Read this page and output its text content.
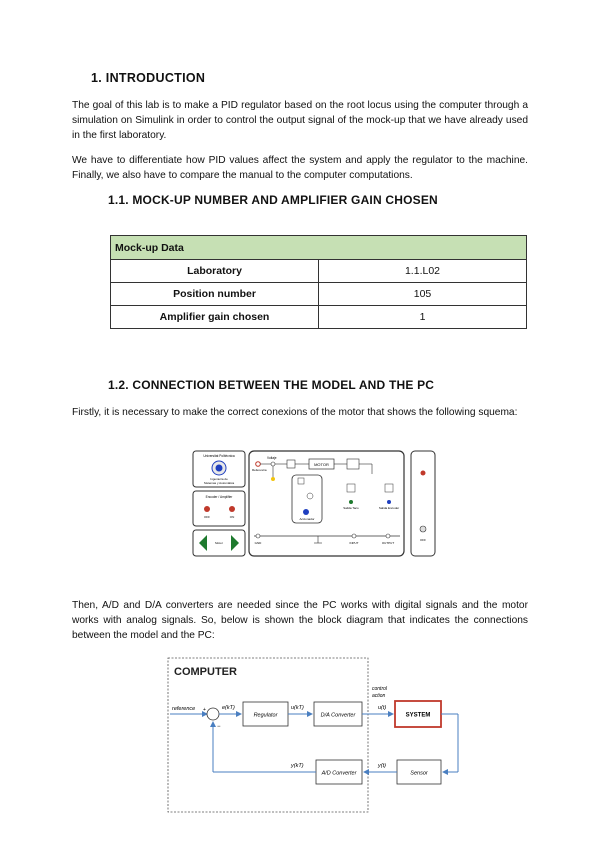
1. INTRODUCTION

The goal of this lab is to make a PID regulator based on the root locus using the computer through a simulation on Simulink in order to control the output signal of the mock-up that we have already used in the first laboratory.

We have to differentiate how PID values affect the system and apply the regulator to the machine. Finally, we also have to compare the manual to the computer computations.

1.1. MOCK-UP NUMBER AND AMPLIFIER GAIN CHOSEN
Mock-up Data	
Laboratory	1.1.L02
Position number	105
Amplifier gain chosen	1
1.2. CONNECTION BETWEEN THE MODEL AND THE PC

Firstly, it is necessary to make the correct conexions of the motor that shows the following squema:

Universitat Politècnica
Ingeniería de
Sistemas y Automática
Encoder / Amplifier
OFF	ON
Motor
Voltaje
Referencia
MOTOR
Accionador
Salida Taco	Salida Encoder
GND	INPUT	OUTPUT
OFF

Then, A/D and D/A converters are needed since the PC works with digital signals and the motor works with analog signals. So, below is shown the block diagram that indicates the connections between the model and the PC:

COMPUTER
reference +
−
e(kT)
Regulator
u(kT)
D/A Converter
control
action
u(t)
SYSTEM
Sensor
y(t)
A/D Converter
y(kT)
